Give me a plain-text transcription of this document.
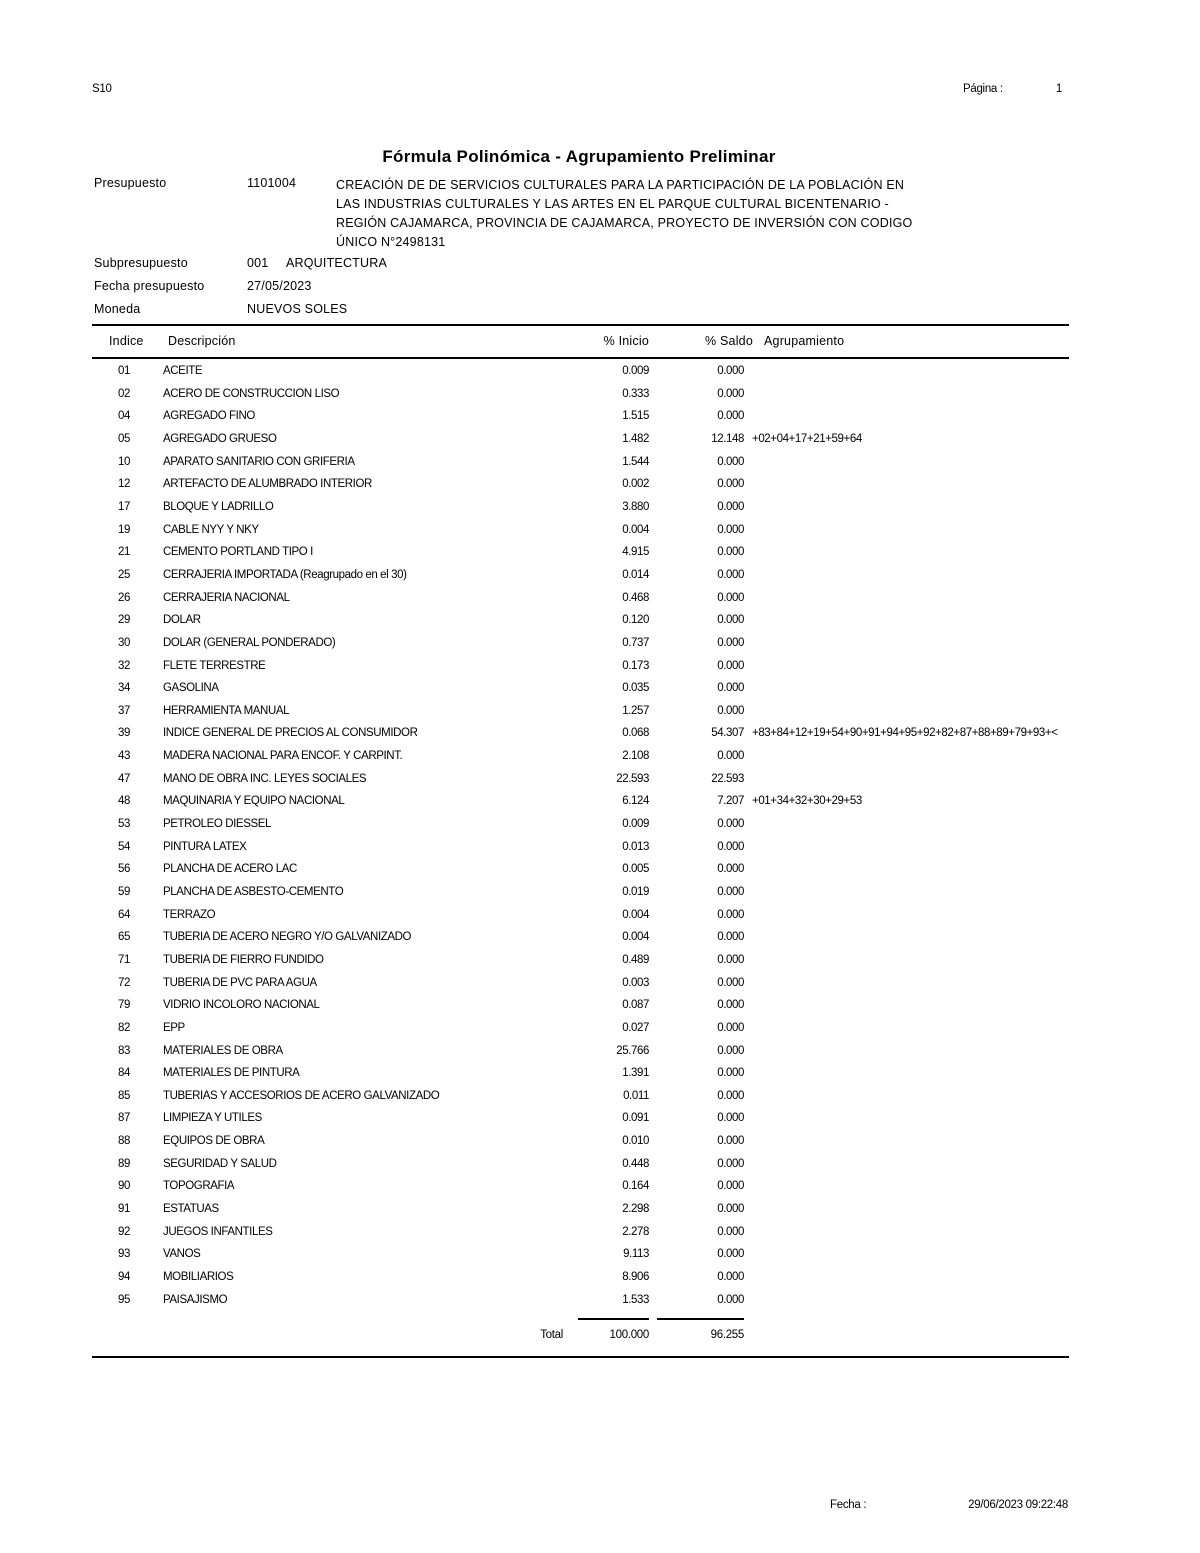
S10	Página :	1
Fórmula Polinómica - Agrupamiento Preliminar
Presupuesto	1101004	CREACIÓN DE DE SERVICIOS CULTURALES PARA LA PARTICIPACIÓN DE LA POBLACIÓN EN
LAS INDUSTRIAS CULTURALES Y LAS ARTES EN EL PARQUE CULTURAL BICENTENARIO -
REGIÓN CAJAMARCA, PROVINCIA DE CAJAMARCA, PROYECTO DE INVERSIÓN CON CODIGO
ÚNICO N°2498131
Subpresupuesto	001 ARQUITECTURA
Fecha presupuesto	27/05/2023
Moneda	NUEVOS SOLES
Indice Descripción	% Inicio	% Saldo Agrupamiento
01	ACEITE	0.009	0.000
02	ACERO DE CONSTRUCCION LISO	0.333	0.000
04	AGREGADO FINO	1.515	0.000
05	AGREGADO GRUESO	1.482	12.148 +02+04+17+21+59+64
10	APARATO SANITARIO CON GRIFERIA	1.544	0.000
12	ARTEFACTO DE ALUMBRADO INTERIOR	0.002	0.000
17	BLOQUE Y LADRILLO	3.880	0.000
19	CABLE NYY Y NKY	0.004	0.000
21	CEMENTO PORTLAND TIPO I	4.915	0.000
25	CERRAJERIA IMPORTADA (Reagrupado en el 30)	0.014	0.000
26	CERRAJERIA NACIONAL	0.468	0.000
29	DOLAR	0.120	0.000
30	DOLAR (GENERAL PONDERADO)	0.737	0.000
32	FLETE TERRESTRE	0.173	0.000
34	GASOLINA	0.035	0.000
37	HERRAMIENTA MANUAL	1.257	0.000
39	INDICE GENERAL DE PRECIOS AL CONSUMIDOR	0.068	54.307 +83+84+12+19+54+90+91+94+95+92+82+87+88+89+79+93+<
43	MADERA NACIONAL PARA ENCOF. Y CARPINT.	2.108	0.000
47	MANO DE OBRA INC. LEYES SOCIALES	22.593	22.593
48	MAQUINARIA Y EQUIPO NACIONAL	6.124	7.207 +01+34+32+30+29+53
53	PETROLEO DIESSEL	0.009	0.000
54	PINTURA LATEX	0.013	0.000
56	PLANCHA DE ACERO LAC	0.005	0.000
59	PLANCHA DE ASBESTO-CEMENTO	0.019	0.000
64	TERRAZO	0.004	0.000
65	TUBERIA DE ACERO NEGRO Y/O GALVANIZADO	0.004	0.000
71	TUBERIA DE FIERRO FUNDIDO	0.489	0.000
72	TUBERIA DE PVC PARA AGUA	0.003	0.000
79	VIDRIO INCOLORO NACIONAL	0.087	0.000
82	EPP	0.027	0.000
83	MATERIALES DE OBRA	25.766	0.000
84	MATERIALES DE PINTURA	1.391	0.000
85	TUBERIAS Y ACCESORIOS DE ACERO GALVANIZADO	0.011	0.000
87	LIMPIEZA Y UTILES	0.091	0.000
88	EQUIPOS DE OBRA	0.010	0.000
89	SEGURIDAD Y SALUD	0.448	0.000
90	TOPOGRAFIA	0.164	0.000
91	ESTATUAS	2.298	0.000
92	JUEGOS INFANTILES	2.278	0.000
93	VANOS	9.113	0.000
94	MOBILIARIOS	8.906	0.000
95	PAISAJISMO	1.533	0.000
Total	100.000	96.255
Fecha :	29/06/2023 09:22:48
